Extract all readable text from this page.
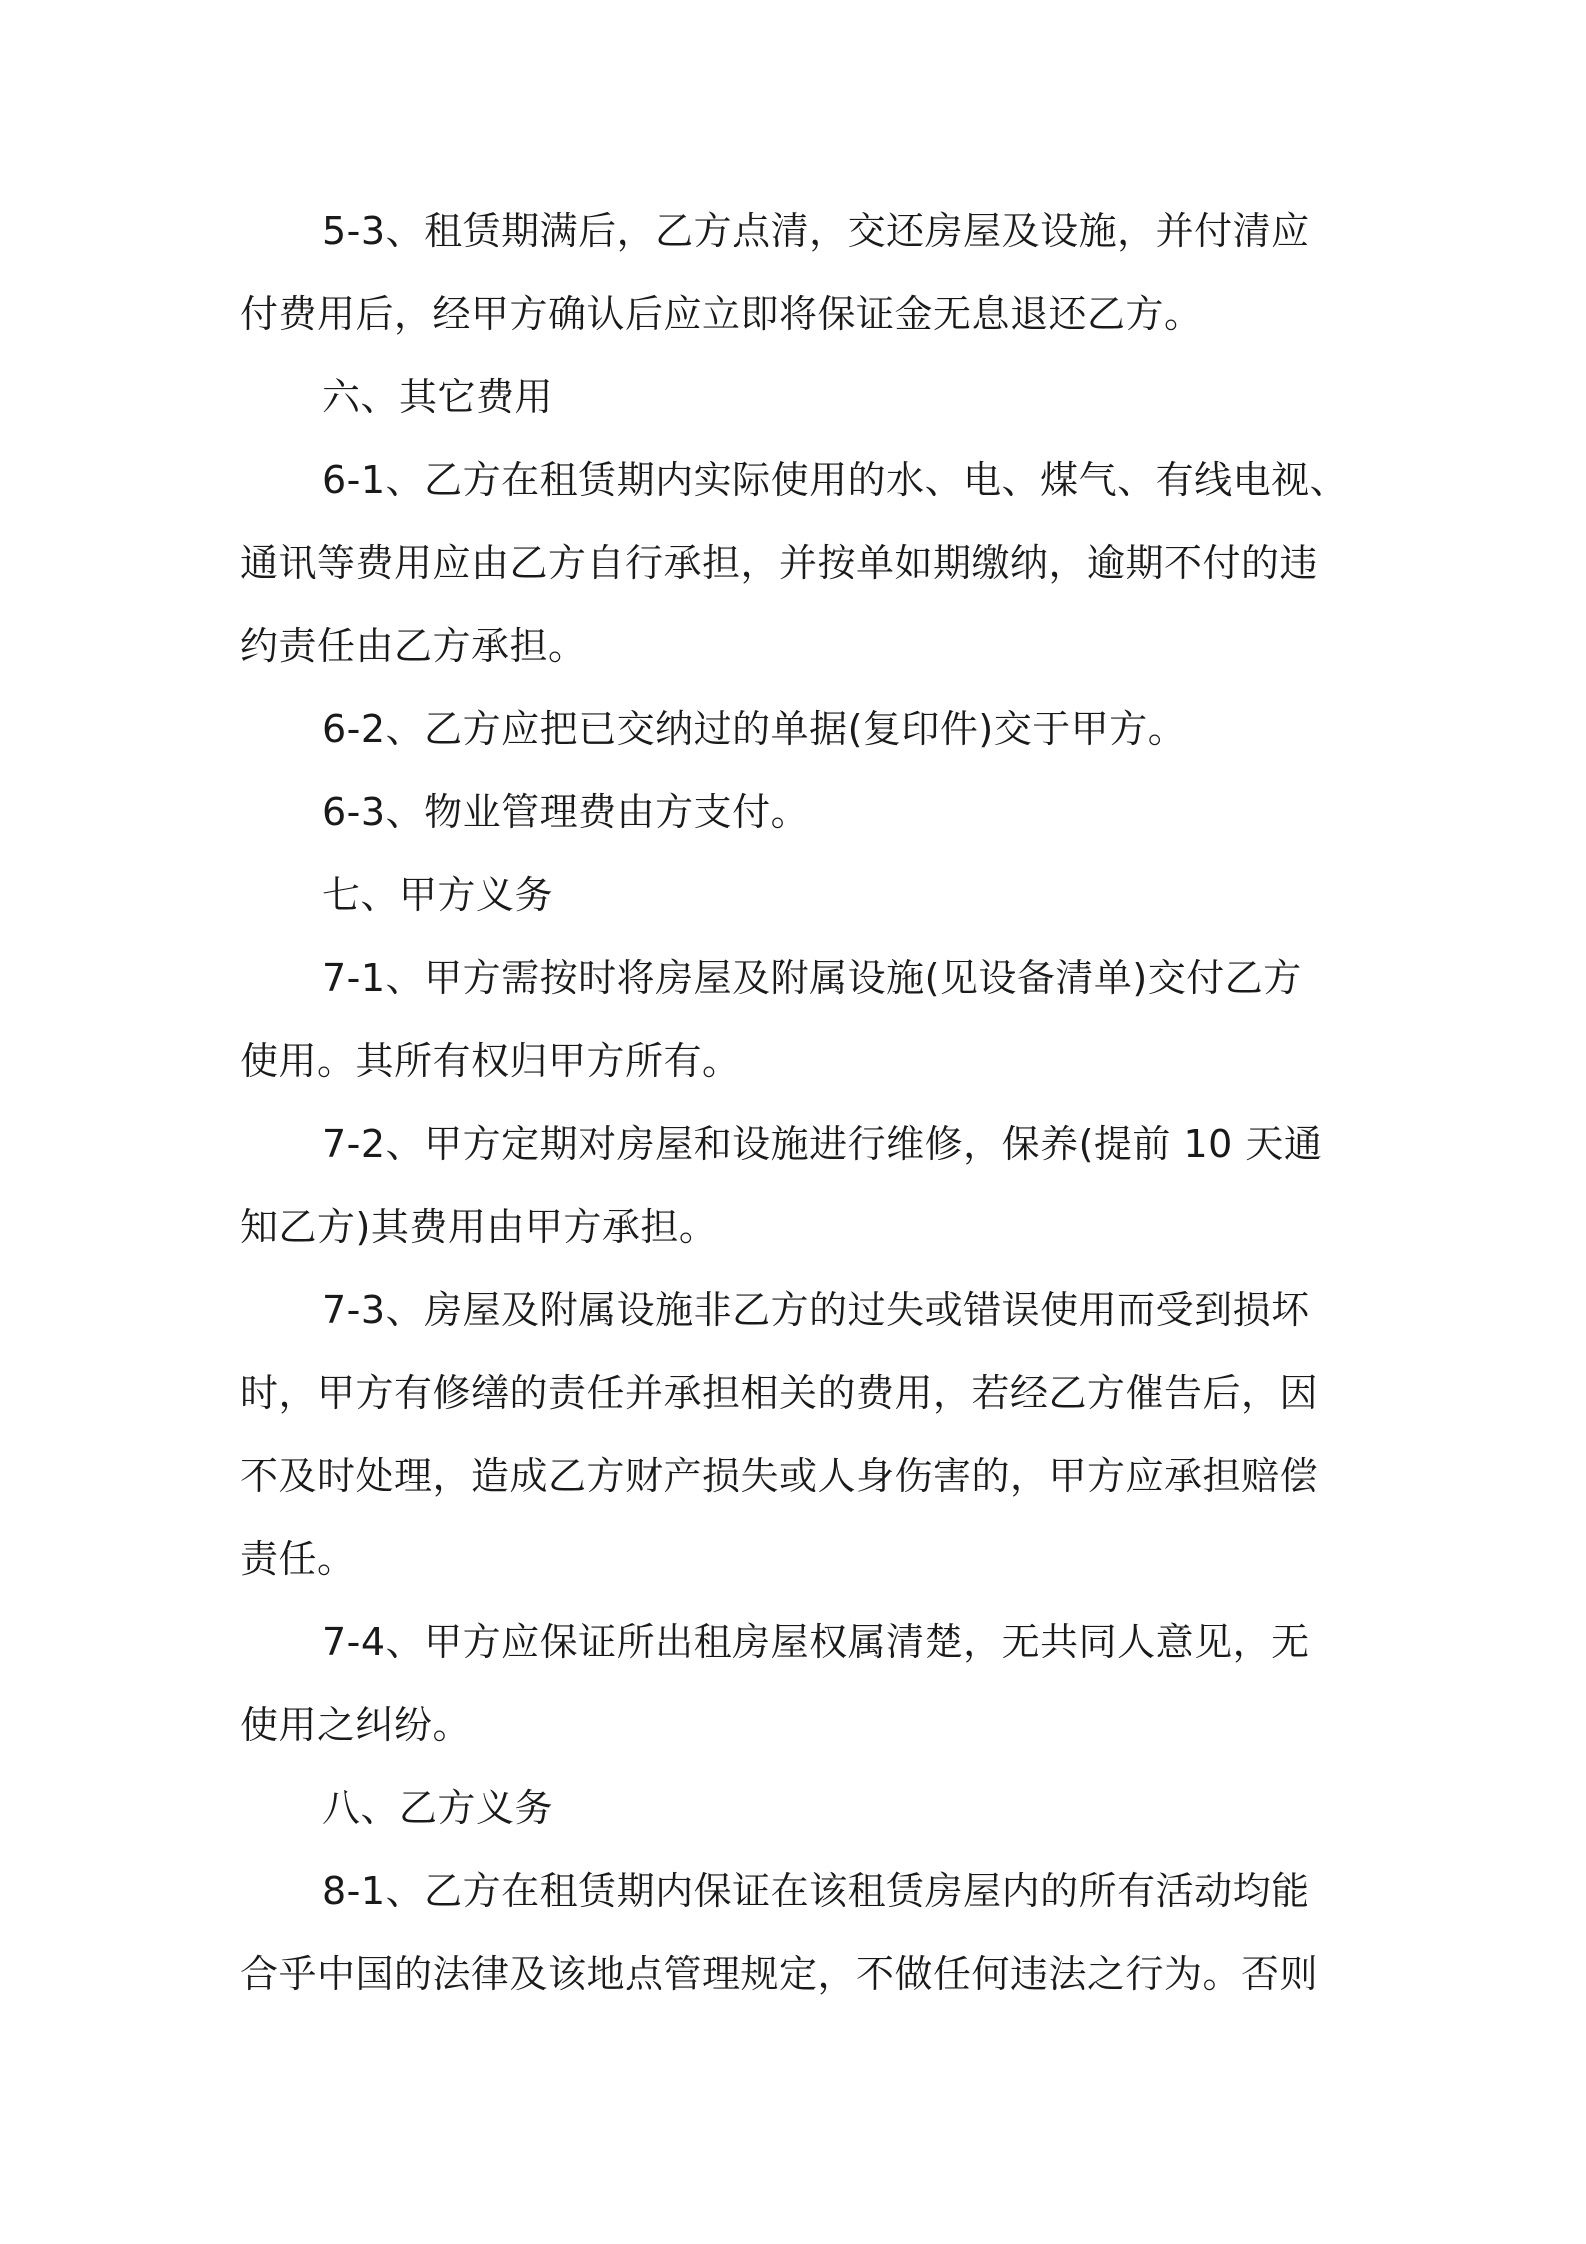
5-3、租赁期满后，乙方点清，交还房屋及设施，并付清应
付费用后，经甲方确认后应立即将保证金无息退还乙方。
六、其它费用
6-1、乙方在租赁期内实际使用的水、电、煤气、有线电视、
通讯等费用应由乙方自行承担，并按单如期缴纳，逾期不付的违
约责任由乙方承担。
6-2、乙方应把已交纳过的单据(复印件)交于甲方。
6-3、物业管理费由方支付。
七、甲方义务
7-1、甲方需按时将房屋及附属设施(见设备清单)交付乙方
使用。其所有权归甲方所有。
7-2、甲方定期对房屋和设施进行维修，保养(提前 10 天通
知乙方)其费用由甲方承担。
7-3、房屋及附属设施非乙方的过失或错误使用而受到损坏
时，甲方有修缮的责任并承担相关的费用，若经乙方催告后，因
不及时处理，造成乙方财产损失或人身伤害的，甲方应承担赔偿
责任。
7-4、甲方应保证所出租房屋权属清楚，无共同人意见，无
使用之纠纷。
八、乙方义务
8-1、乙方在租赁期内保证在该租赁房屋内的所有活动均能
合乎中国的法律及该地点管理规定，不做任何违法之行为。否则
